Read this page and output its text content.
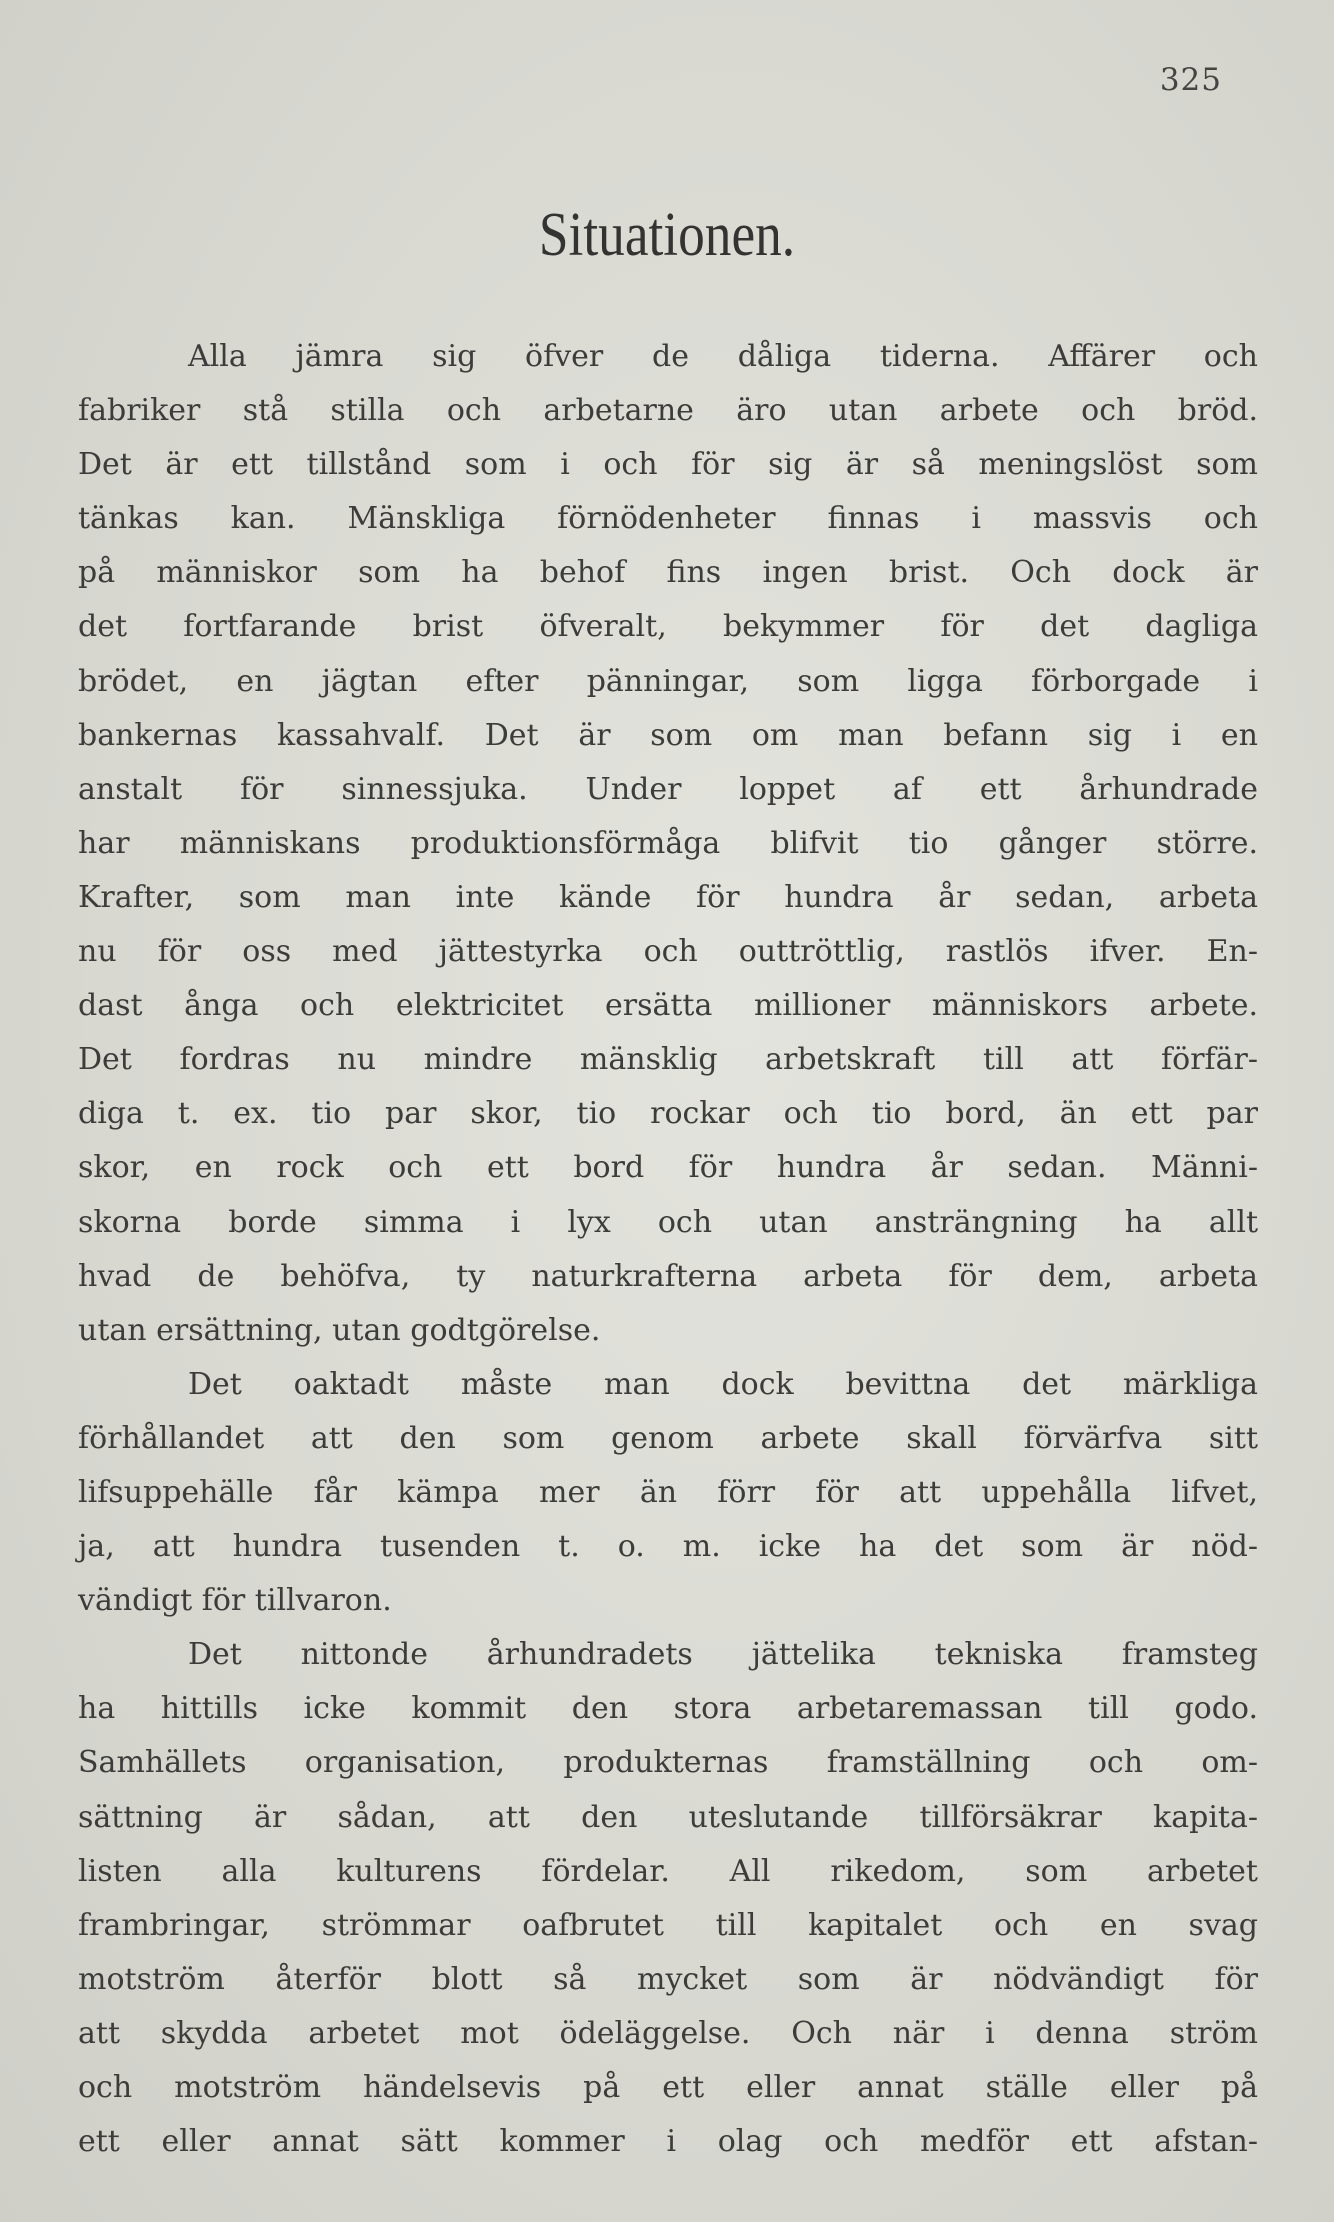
325
Situationen.
Alla jämra sig öfver de dåliga tiderna. Affärer och
fabriker stå stilla och arbetarne äro utan arbete och bröd.
Det är ett tillstånd som i och för sig är så meningslöst som
tänkas kan. Mänskliga förnödenheter finnas i massvis och
på människor som ha behof fins ingen brist. Och dock är
det fortfarande brist öfveralt, bekymmer för det dagliga
brödet, en jägtan efter pänningar, som ligga förborgade i
bankernas kassahvalf. Det är som om man befann sig i en
anstalt för sinnessjuka. Under loppet af ett århundrade
har människans produktionsförmåga blifvit tio gånger större.
Krafter, som man inte kände för hundra år sedan, arbeta
nu för oss med jättestyrka och outtröttlig, rastlös ifver. En-
dast ånga och elektricitet ersätta millioner människors arbete.
Det fordras nu mindre mänsklig arbetskraft till att förfär-
diga t. ex. tio par skor, tio rockar och tio bord, än ett par
skor, en rock och ett bord för hundra år sedan. Männi-
skorna borde simma i lyx och utan ansträngning ha allt
hvad de behöfva, ty naturkrafterna arbeta för dem, arbeta
utan ersättning, utan godtgörelse.
Det oaktadt måste man dock bevittna det märkliga
förhållandet att den som genom arbete skall förvärfva sitt
lifsuppehälle får kämpa mer än förr för att uppehålla lifvet,
ja, att hundra tusenden t. o. m. icke ha det som är nöd-
vändigt för tillvaron.
Det nittonde århundradets jättelika tekniska framsteg
ha hittills icke kommit den stora arbetaremassan till godo.
Samhällets organisation, produkternas framställning och om-
sättning är sådan, att den uteslutande tillförsäkrar kapita-
listen alla kulturens fördelar. All rikedom, som arbetet
frambringar, strömmar oafbrutet till kapitalet och en svag
motström återför blott så mycket som är nödvändigt för
att skydda arbetet mot ödeläggelse. Och när i denna ström
och motström händelsevis på ett eller annat ställe eller på
ett eller annat sätt kommer i olag och medför ett afstan-
